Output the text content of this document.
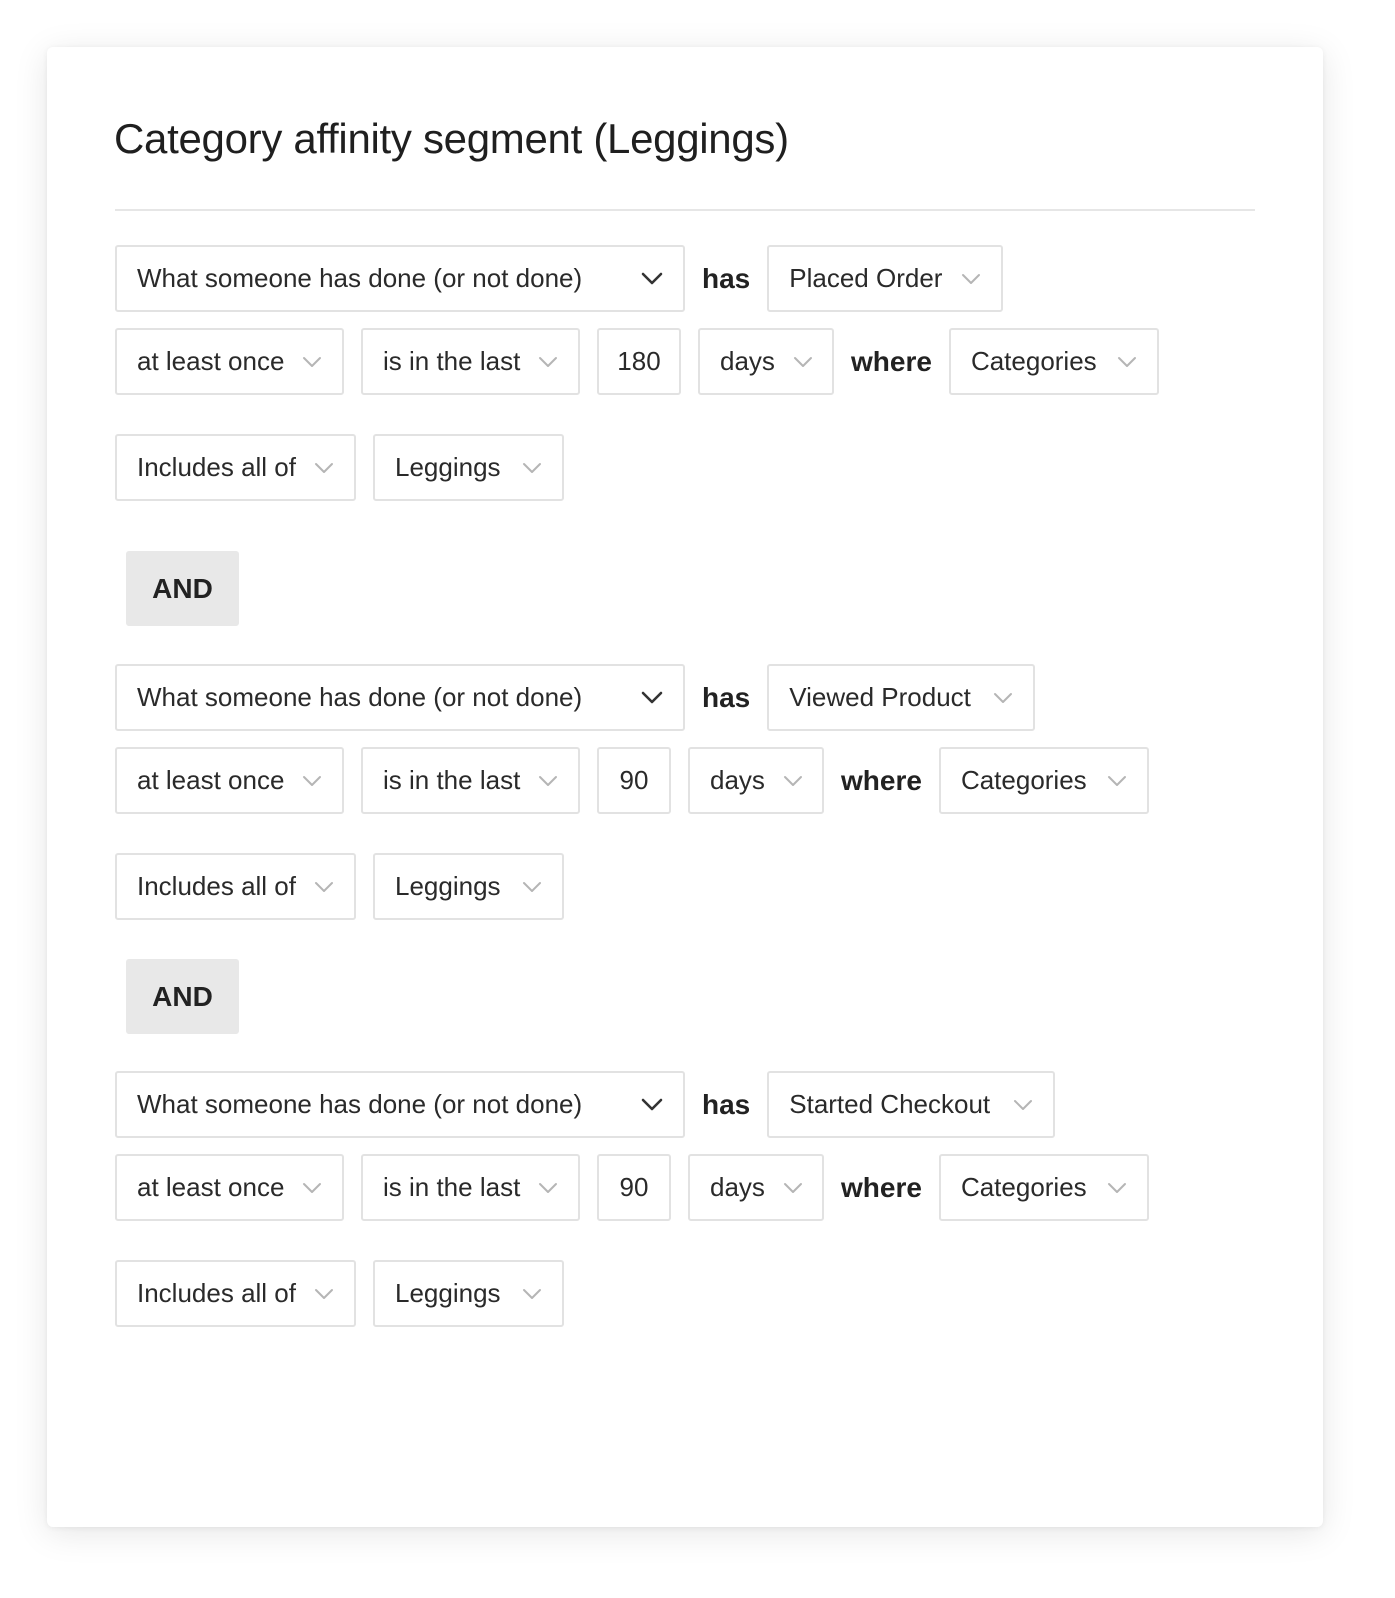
Category affinity segment (Leggings)
What someone has done (or not done)	has Placed Order
at least once	is in the last	180	days	where Categories
Includes all of	Leggings
AND
What someone has done (or not done)	has Viewed Product
at least once	is in the last	90	days	where Categories
Includes all of	Leggings
AND
What someone has done (or not done)	has Started Checkout
at least once	is in the last	90	days	where Categories
Includes all of	Leggings
